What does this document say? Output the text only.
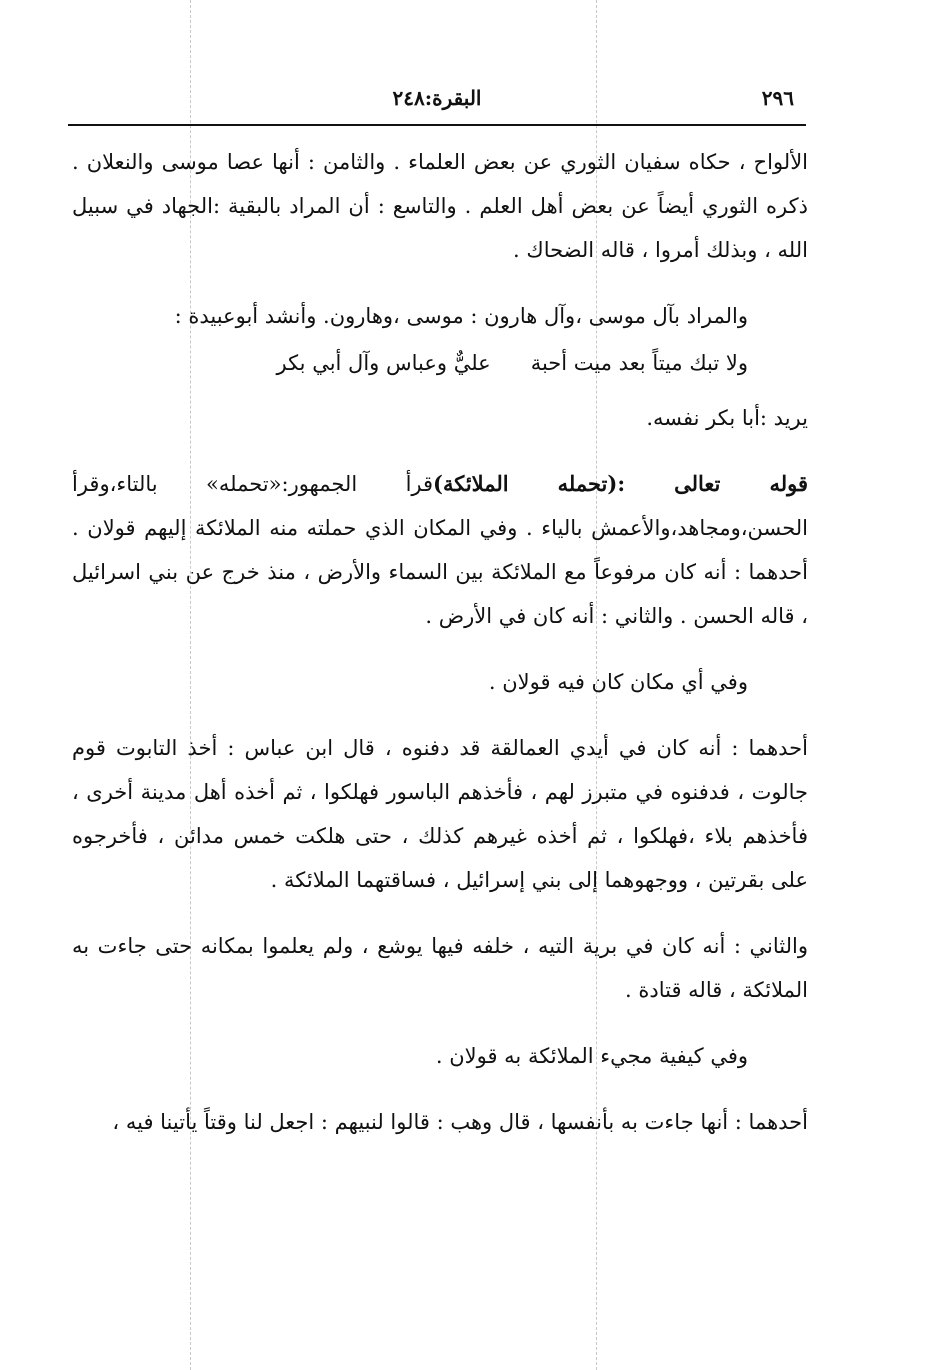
٢٩٦
البقرة:٢٤٨

الألواح ، حكاه سفيان الثوري عن بعض العلماء . والثامن : أنها عصا موسى والنعلان . ذكره الثوري أيضاً عن بعض أهل العلم . والتاسع : أن المراد بالبقية :الجهاد في سبيل الله ، وبذلك أمروا ، قاله الضحاك .

والمراد بآل موسى ،وآل هارون : موسى ،وهارون. وأنشد أبوعبيدة :

ولا تبك ميتاً بعد ميت أحبة
عليٌّ وعباس وآل أبي بكر

يريد :أبا بكر نفسه.

قوله تعالى :(تحمله الملائكة)قرأ الجمهور:«تحمله» بالتاء،وقرأ الحسن،ومجاهد،والأعمش بالياء . وفي المكان الذي حملته منه الملائكة إليهم قولان . أحدهما : أنه كان مرفوعاً مع الملائكة بين السماء والأرض ، منذ خرج عن بني اسرائيل ، قاله الحسن . والثاني : أنه كان في الأرض .

وفي أي مكان كان فيه قولان .

أحدهما : أنه كان في أيدي العمالقة قد دفنوه ، قال ابن عباس : أخذ التابوت قوم جالوت ، فدفنوه في متبرز لهم ، فأخذهم الباسور فهلكوا ، ثم أخذه أهل مدينة أخرى ، فأخذهم بلاء ،فهلكوا ، ثم أخذه غيرهم كذلك ، حتى هلكت خمس مدائن ، فأخرجوه على بقرتين ، ووجهوهما إلى بني إسرائيل ، فساقتهما الملائكة .

والثاني : أنه كان في برية التيه ، خلفه فيها يوشع ، ولم يعلموا بمكانه حتى جاءت به الملائكة ، قاله قتادة .

وفي كيفية مجيء الملائكة به قولان .

أحدهما : أنها جاءت به بأنفسها ، قال وهب : قالوا لنبيهم : اجعل لنا وقتاً يأتينا فيه ،
